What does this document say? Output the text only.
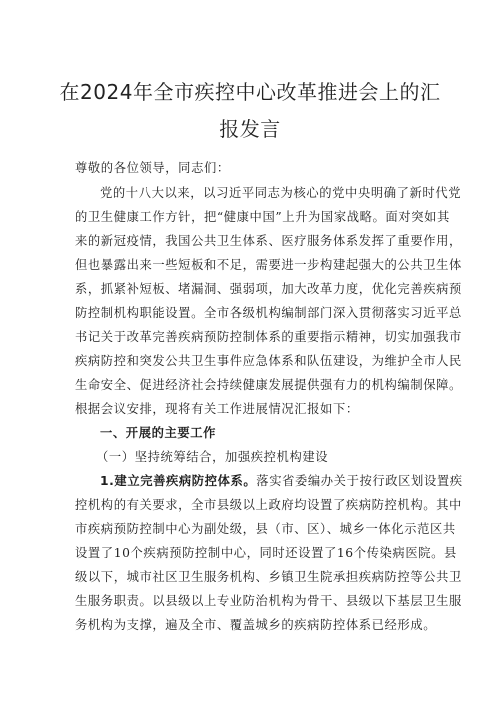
在2024年全市疾控中心改革推进会上的汇
报发言
尊敬的各位领导，同志们：
党的十八大以来，以习近平同志为核心的党中央明确了新时代党
的卫生健康工作方针，把“健康中国”上升为国家战略。面对突如其
来的新冠疫情，我国公共卫生体系、医疗服务体系发挥了重要作用，
但也暴露出来一些短板和不足，需要进一步构建起强大的公共卫生体
系，抓紧补短板、堵漏洞、强弱项，加大改革力度，优化完善疾病预
防控制机构职能设置。全市各级机构编制部门深入贯彻落实习近平总
书记关于改革完善疾病预防控制体系的重要指示精神，切实加强我市
疾病防控和突发公共卫生事件应急体系和队伍建设，为维护全市人民
生命安全、促进经济社会持续健康发展提供强有力的机构编制保障。
根据会议安排，现将有关工作进展情况汇报如下：
一、开展的主要工作
（一）坚持统筹结合，加强疾控机构建设
1.建立完善疾病防控体系。落实省委编办关于按行政区划设置疾
控机构的有关要求，全市县级以上政府均设置了疾病防控机构。其中
市疾病预防控制中心为副处级，县（市、区）、城乡一体化示范区共
设置了10个疾病预防控制中心，同时还设置了16个传染病医院。县
级以下，城市社区卫生服务机构、乡镇卫生院承担疾病防控等公共卫
生服务职责。以县级以上专业防治机构为骨干、县级以下基层卫生服
务机构为支撑，遍及全市、覆盖城乡的疾病防控体系已经形成。
